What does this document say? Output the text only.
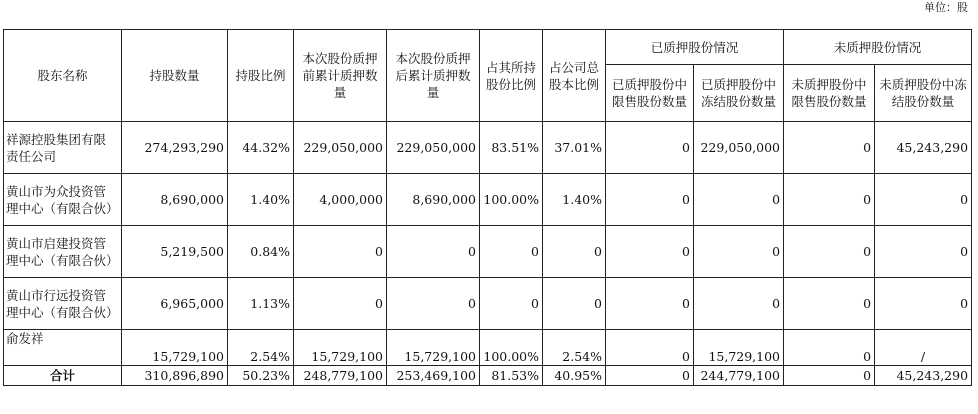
单位：股
股东名称	持股数量	持股比例	本次股份质押前累计质押数量	本次股份质押后累计质押数量	占其所持股份比例	占公司总股本比例	已质押股份情况		未质押股份情况	
							已质押股份中限售股份数量	已质押股份中冻结股份数量	未质押股份中限售股份数量	未质押股份中冻结股份数量
祥源控股集团有限责任公司	274,293,290	44.32%	229,050,000	229,050,000	83.51%	37.01%	0	229,050,000	0	45,243,290
黄山市为众投资管理中心（有限合伙）	8,690,000	1.40%	4,000,000	8,690,000	100.00%	1.40%	0	0	0	0
黄山市启建投资管理中心（有限合伙）	5,219,500	0.84%	0	0	0	0	0	0	0	0
黄山市行远投资管理中心（有限合伙）	6,965,000	1.13%	0	0	0	0	0	0	0	0
俞发祥	15,729,100	2.54%	15,729,100	15,729,100	100.00%	2.54%	0	15,729,100	0	/
合计	310,896,890	50.23%	248,779,100	253,469,100	81.53%	40.95%	0	244,779,100	0	45,243,290
